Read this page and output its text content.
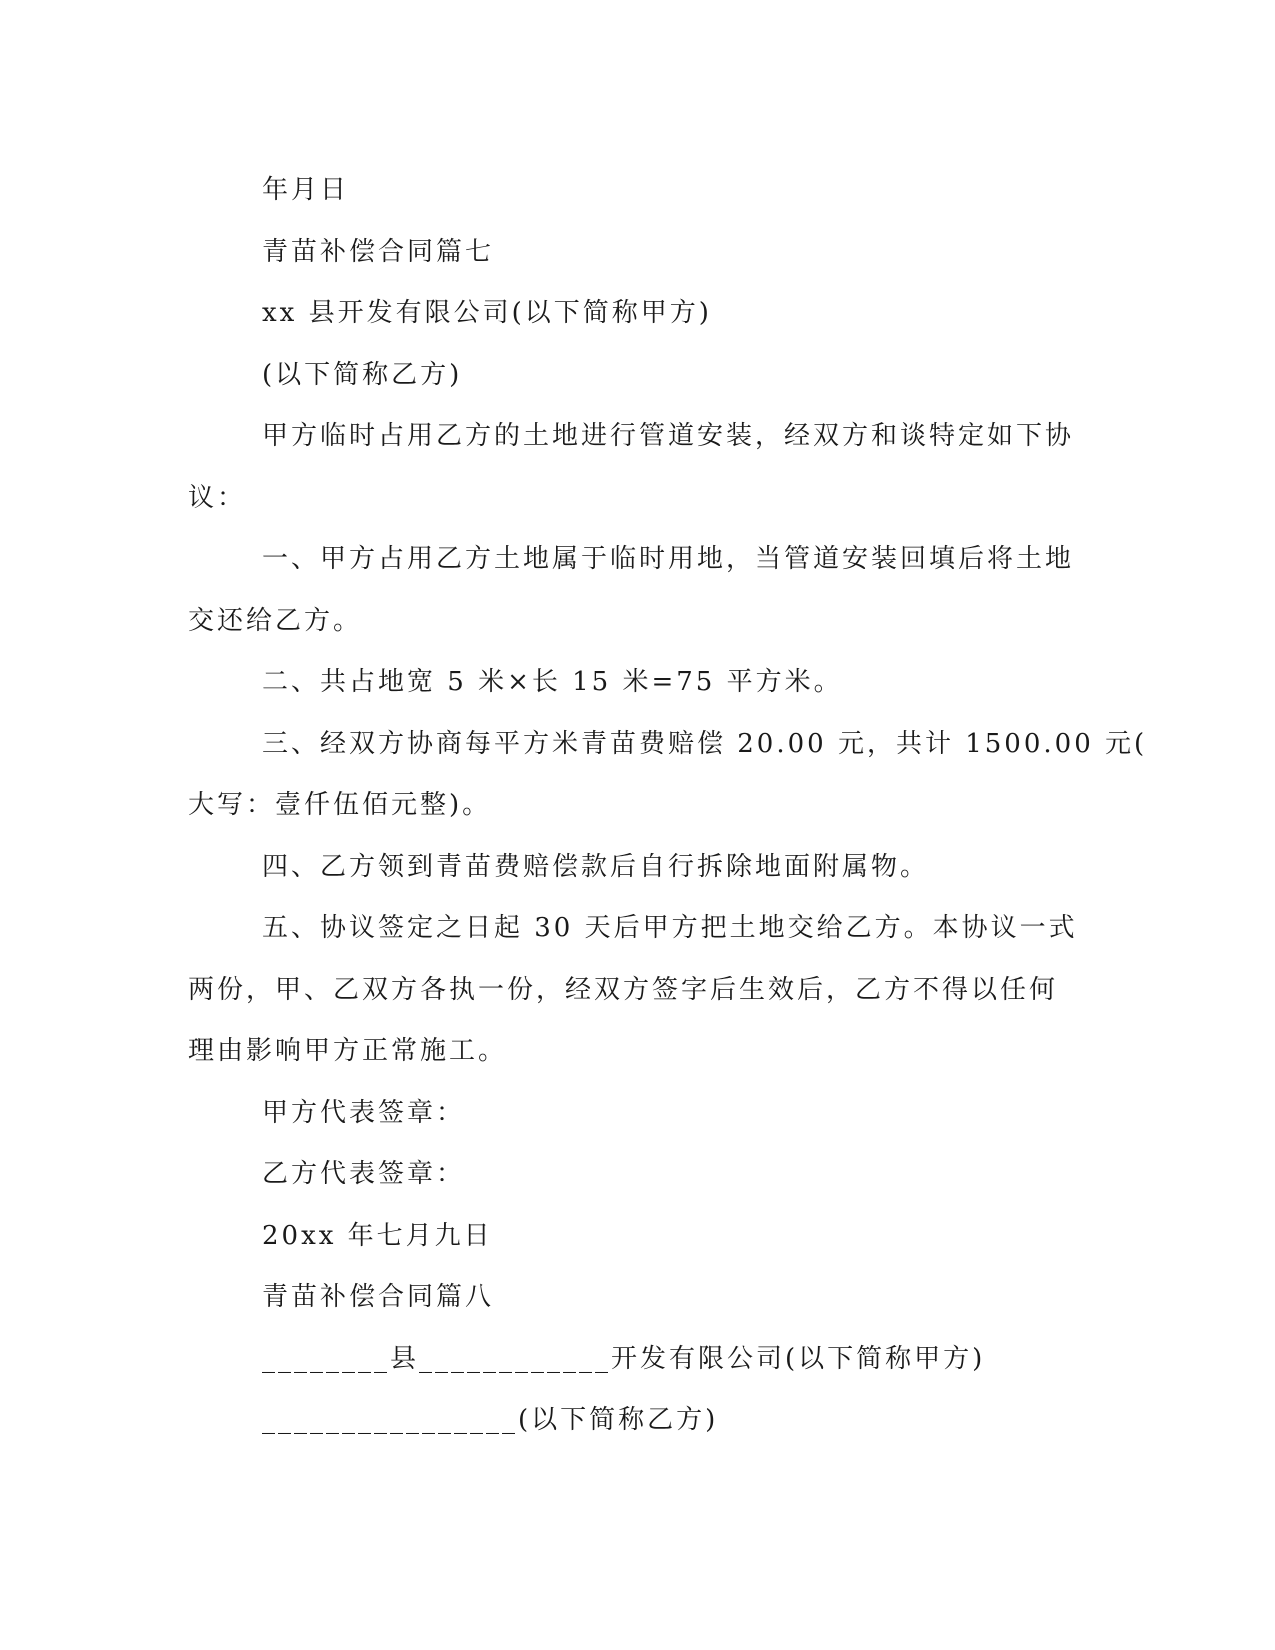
年月日
青苗补偿合同篇七
xx 县开发有限公司(以下简称甲方)
(以下简称乙方)
甲方临时占用乙方的土地进行管道安装，经双方和谈特定如下协
议：
一、甲方占用乙方土地属于临时用地，当管道安装回填后将土地
交还给乙方。
二、共占地宽 5 米×长 15 米=75 平方米。
三、经双方协商每平方米青苗费赔偿 20.00 元，共计 1500.00 元(
大写：壹仟伍佰元整)。
四、乙方领到青苗费赔偿款后自行拆除地面附属物。
五、协议签定之日起 30 天后甲方把土地交给乙方。本协议一式
两份，甲、乙双方各执一份，经双方签字后生效后，乙方不得以任何
理由影响甲方正常施工。
甲方代表签章：
乙方代表签章：
20xx 年七月九日
青苗补偿合同篇八
________县____________开发有限公司(以下简称甲方)
________________(以下简称乙方)
